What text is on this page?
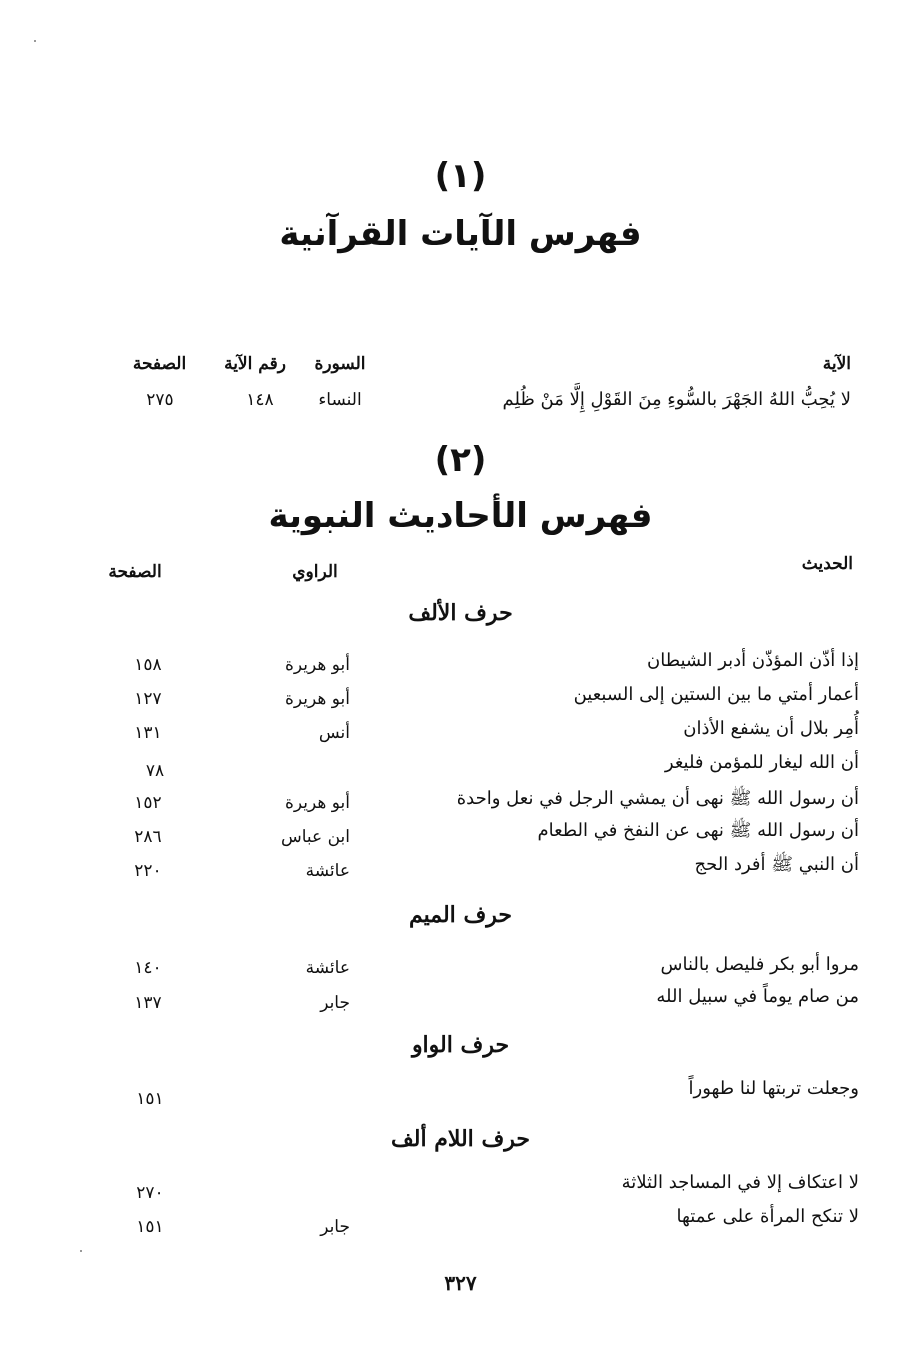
(١)
فهرس الآيات القرآنية
الآية
السورة
رقم الآية
الصفحة
لا يُحِبُّ اللهُ الجَهْرَ بالسُّوءِ مِنَ القَوْلِ إِلَّا مَنْ ظُلِم
النساء
١٤٨
٢٧٥
(٢)
فهرس الأحاديث النبوية
الحديث
الراوي
الصفحة
حرف الألف
إذا أذّن المؤذّن أدبر الشيطان
أبو هريرة
١٥٨
أعمار أمتي ما بين الستين إلى السبعين
أبو هريرة
١٢٧
أُمِر بلال أن يشفع الأذان
أنس
١٣١
أن الله ليغار للمؤمن فليغر
٧٨
أن رسول الله ﷺ نهى أن يمشي الرجل في نعل واحدة
أبو هريرة
١٥٢
أن رسول الله ﷺ نهى عن النفخ في الطعام
ابن عباس
٢٨٦
أن النبي ﷺ أفرد الحج
عائشة
٢٢٠
حرف الميم
مروا أبو بكر فليصل بالناس
عائشة
١٤٠
من صام يوماً في سبيل الله
جابر
١٣٧
حرف الواو
وجعلت تربتها لنا طهوراً
١٥١
حرف اللام ألف
لا اعتكاف إلا في المساجد الثلاثة
٢٧٠
لا تنكح المرأة على عمتها
جابر
١٥١
٣٢٧
